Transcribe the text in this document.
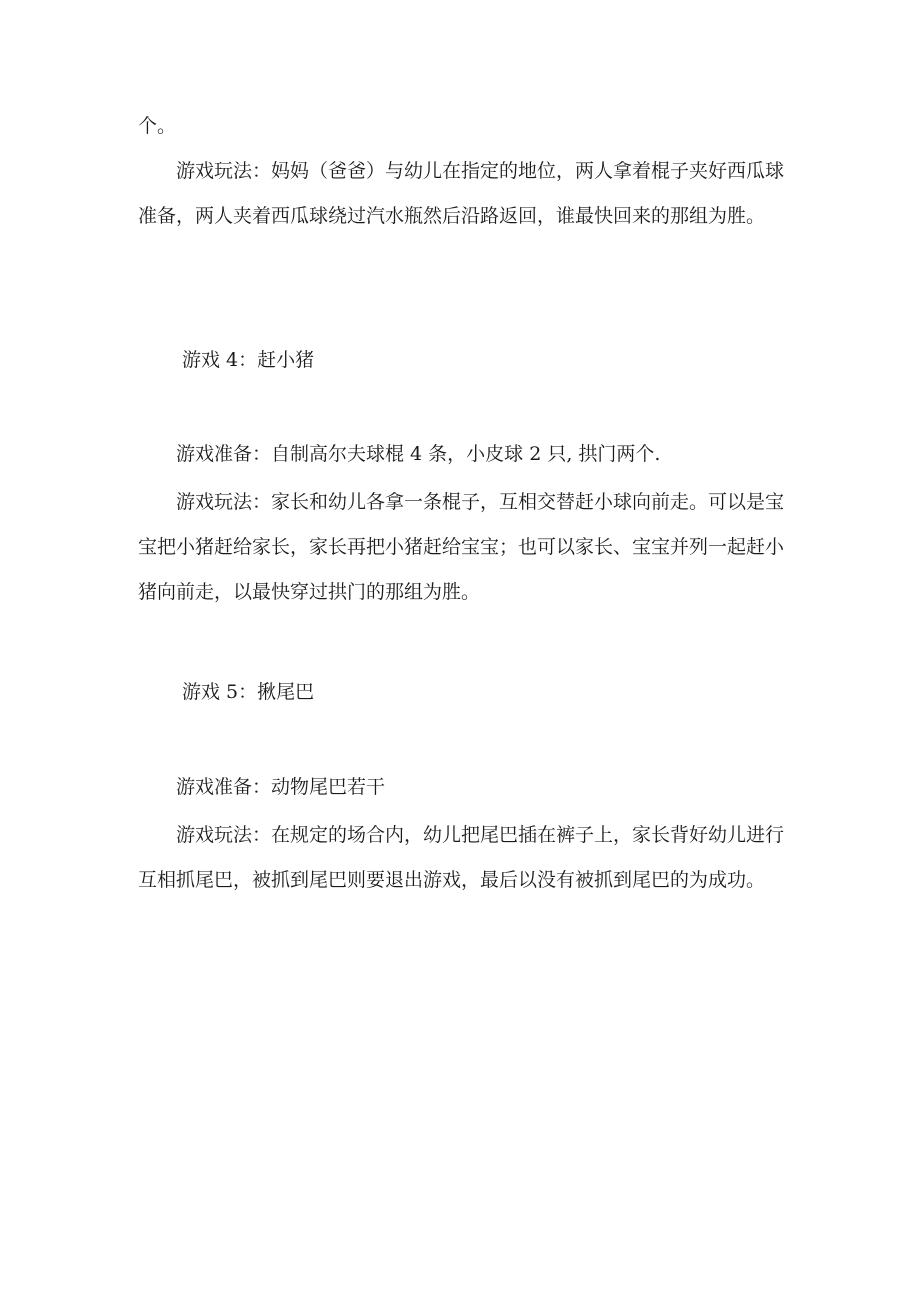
个。

游戏玩法：妈妈（爸爸）与幼儿在指定的地位，两人拿着棍子夹好西瓜球准备，两人夹着西瓜球绕过汽水瓶然后沿路返回，谁最快回来的那组为胜。

游戏 4：赶小猪

游戏准备：自制高尔夫球棍 4 条，小皮球 2 只, 拱门两个.

游戏玩法：家长和幼儿各拿一条棍子，互相交替赶小球向前走。可以是宝宝把小猪赶给家长，家长再把小猪赶给宝宝；也可以家长、宝宝并列一起赶小猪向前走，以最快穿过拱门的那组为胜。

游戏 5：揪尾巴

游戏准备：动物尾巴若干

游戏玩法：在规定的场合内，幼儿把尾巴插在裤子上，家长背好幼儿进行互相抓尾巴，被抓到尾巴则要退出游戏，最后以没有被抓到尾巴的为成功。
